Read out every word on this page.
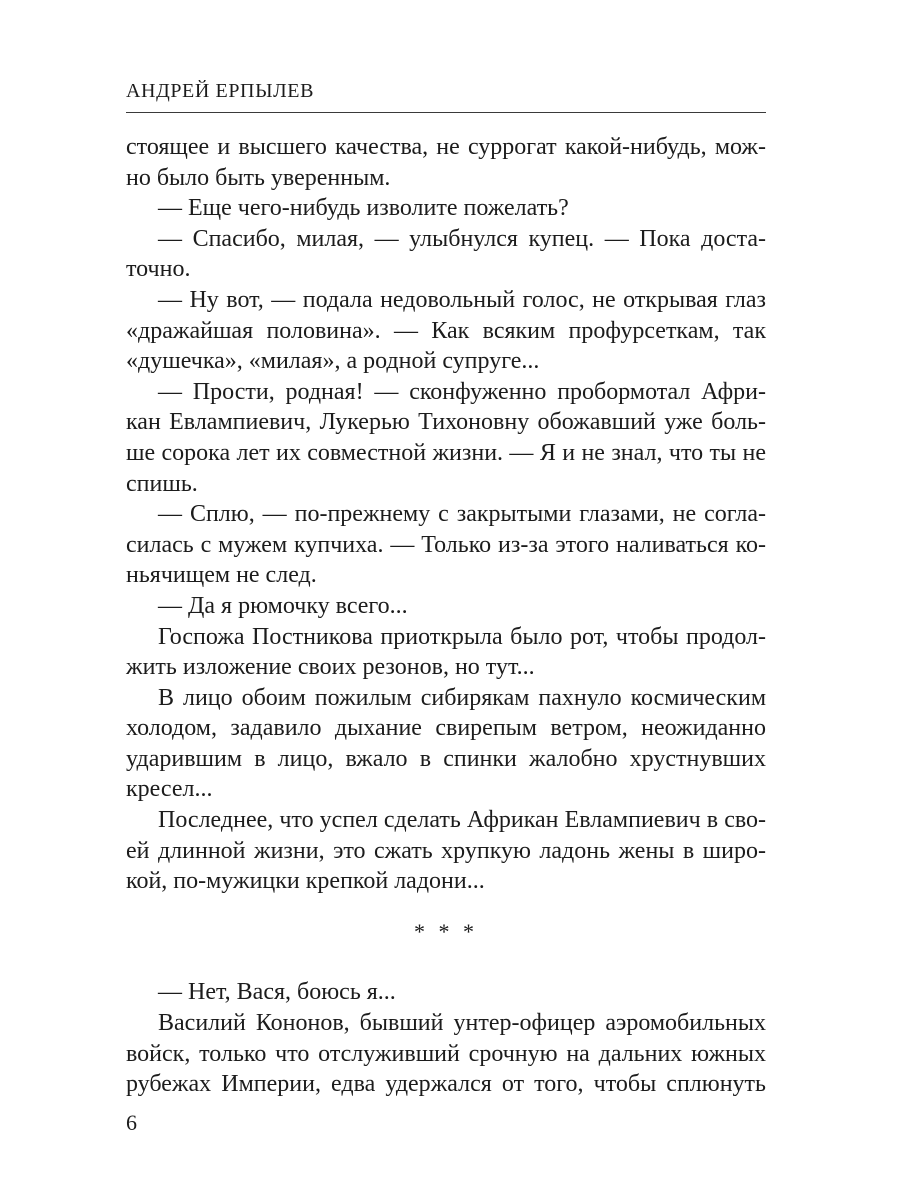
АНДРЕЙ ЕРПЫЛЕВ

стоящее и высшего качества, не суррогат какой-нибудь, мож-
но было быть уверенным.

— Еще чего-нибудь изволите пожелать?

— Спасибо, милая, — улыбнулся купец. — Пока доста-
точно.

— Ну вот, — подала недовольный голос, не открывая глаз
«дражайшая половина». — Как всяким профурсеткам, так
«душечка», «милая», а родной супруге...

— Прости, родная! — сконфуженно пробормотал Афри-
кан Евлампиевич, Лукерью Тихоновну обожавший уже боль-
ше сорока лет их совместной жизни. — Я и не знал, что ты не
спишь.

— Сплю, — по-прежнему с закрытыми глазами, не согла-
силась с мужем купчиха. — Только из-за этого наливаться ко-
ньячищем не след.

— Да я рюмочку всего...

Госпожа Постникова приоткрыла было рот, чтобы продол-
жить изложение своих резонов, но тут...

В лицо обоим пожилым сибирякам пахнуло космическим
холодом, задавило дыхание свирепым ветром, неожиданно
ударившим в лицо, вжало в спинки жалобно хрустнувших
кресел...

Последнее, что успел сделать Африкан Евлампиевич в сво-
ей длинной жизни, это сжать хрупкую ладонь жены в широ-
кой, по-мужицки крепкой ладони...

* * *

— Нет, Вася, боюсь я...

Василий Кононов, бывший унтер-офицер аэромобильных
войск, только что отслуживший срочную на дальних южных
рубежах Империи, едва удержался от того, чтобы сплюнуть

6
